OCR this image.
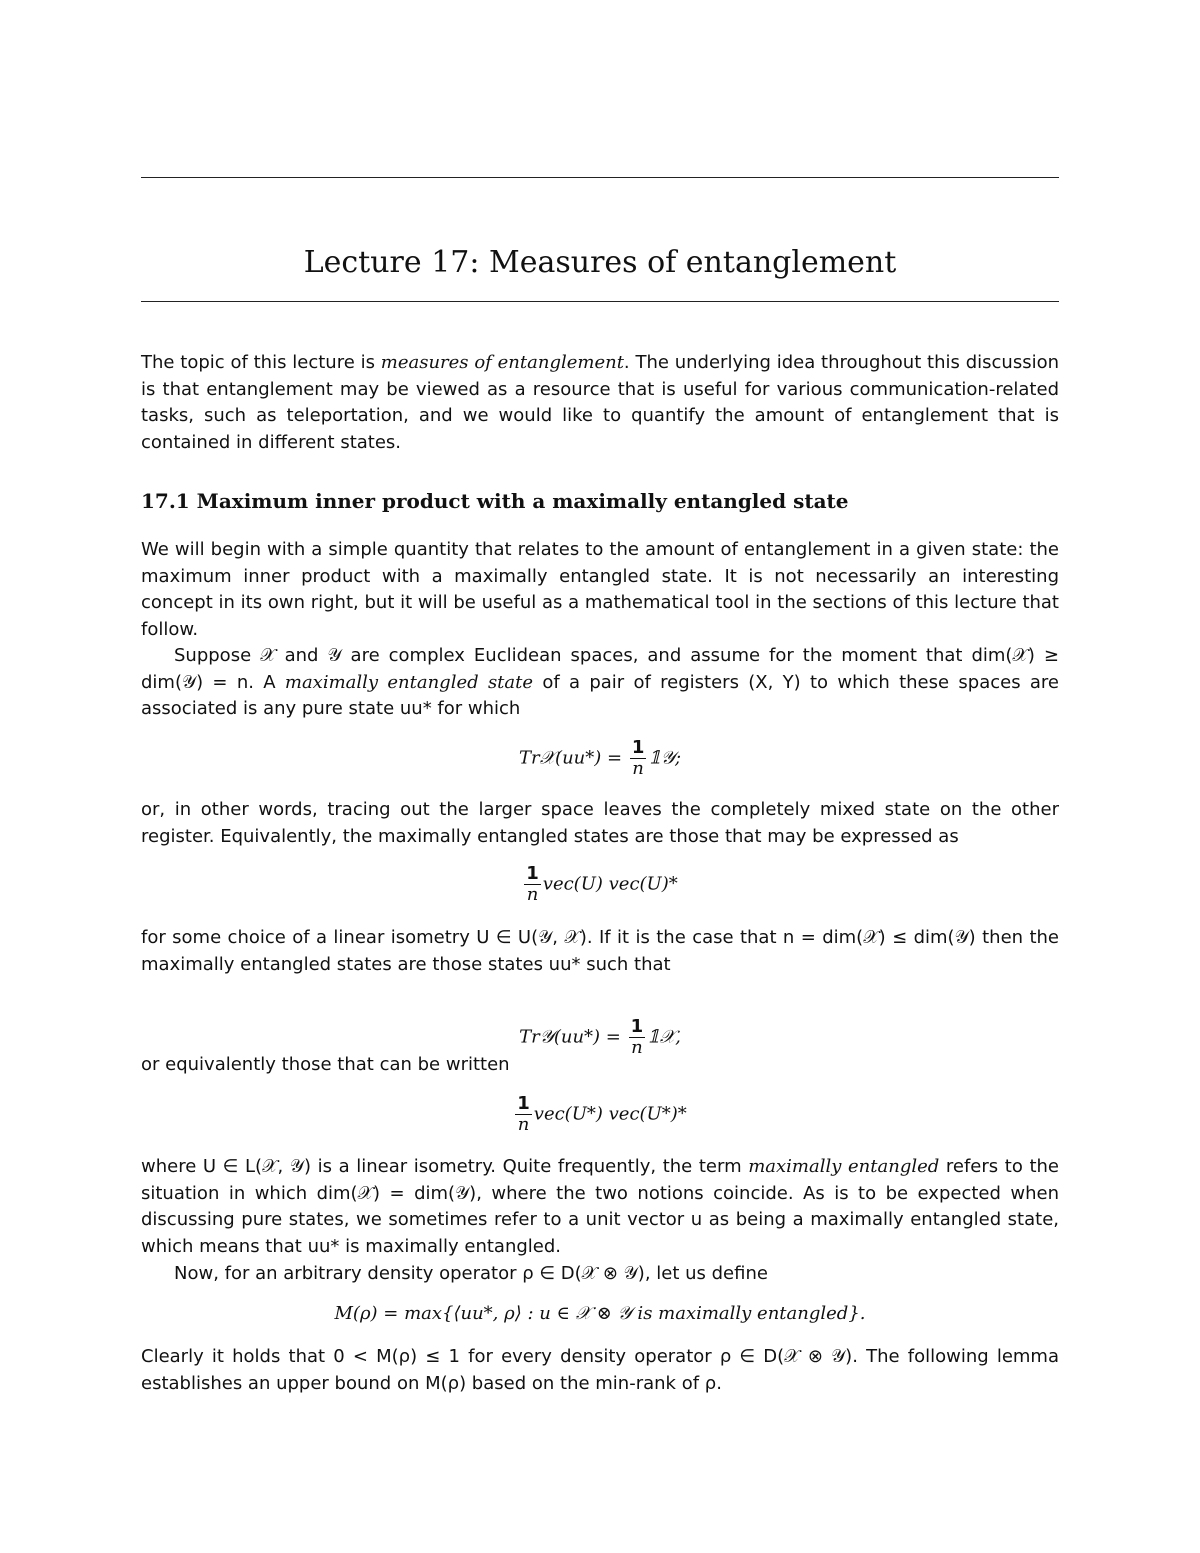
Lecture 17: Measures of entanglement

The topic of this lecture is measures of entanglement. The underlying idea throughout this discussion is that entanglement may be viewed as a resource that is useful for various communication-related tasks, such as teleportation, and we would like to quantify the amount of entanglement that is contained in different states.

17.1 Maximum inner product with a maximally entangled state

We will begin with a simple quantity that relates to the amount of entanglement in a given state: the maximum inner product with a maximally entangled state. It is not necessarily an interesting concept in its own right, but it will be useful as a mathematical tool in the sections of this lecture that follow.

Suppose 𝒳 and 𝒴 are complex Euclidean spaces, and assume for the moment that dim(𝒳) ≥ dim(𝒴) = n. A maximally entangled state of a pair of registers (X, Y) to which these spaces are associated is any pure state uu* for which

Tr𝒳(uu*) = $\frac{1}{n}$ 𝟙𝒴;

or, in other words, tracing out the larger space leaves the completely mixed state on the other register. Equivalently, the maximally entangled states are those that may be expressed as

$\frac{1}{n} vec(U)$ vec(U)*

for some choice of a linear isometry U ∈ U(𝒴, 𝒳). If it is the case that n = dim(𝒳) ≤ dim(𝒴) then the maximally entangled states are those states uu* such that

Tr𝒴(uu*) = $\frac{1}{n}$ 𝟙𝒳,

or equivalently those that can be written

$\frac{1}{n} vec(U*)$ vec(U*)*

where U ∈ L(𝒳, 𝒴) is a linear isometry. Quite frequently, the term maximally entangled refers to the situation in which dim(𝒳) = dim(𝒴), where the two notions coincide. As is to be expected when discussing pure states, we sometimes refer to a unit vector u as being a maximally entangled state, which means that uu* is maximally entangled.

Now, for an arbitrary density operator ρ ∈ D(𝒳 ⊗ 𝒴), let us define

M(ρ) = max{⟨uu*, ρ⟩ : u ∈ 𝒳 ⊗ 𝒴 is maximally entangled}.

Clearly it holds that 0 < M(ρ) ≤ 1 for every density operator ρ ∈ D(𝒳 ⊗ 𝒴). The following lemma establishes an upper bound on M(ρ) based on the min-rank of ρ.
